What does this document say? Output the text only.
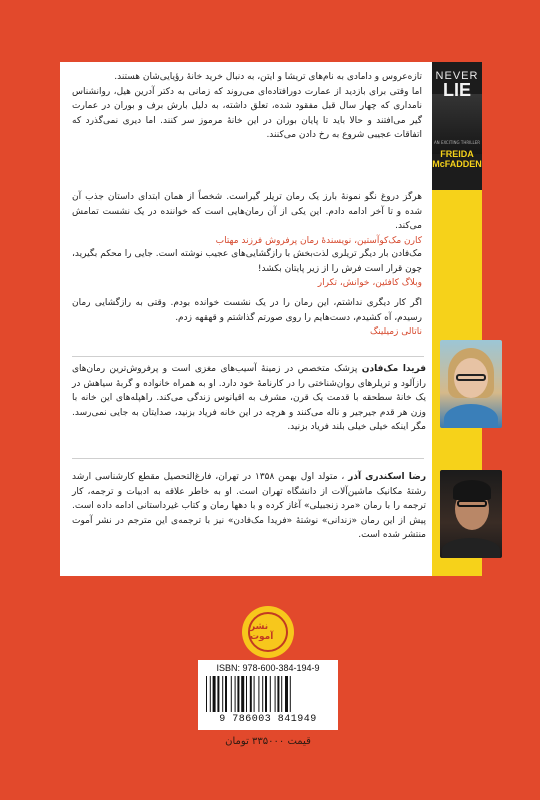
NEVER
LIE
AN EXCITING THRILLER
FREIDA
McFADDEN
تازه‌عروس و دامادی به نام‌های تریشا و ایتن، به دنبال خرید خانهٔ رؤیایی‌شان هستند.
اما وقتی برای بازدید از عمارت دورافتاده‌ای می‌روند که زمانی به دکتر آدرین هیل، روانشناس نامداری که چهار سال قبل مفقود شده، تعلق داشته، به دلیل بارش برف و بوران در عمارت گیر می‌افتند و حالا باید تا پایان بوران در این خانهٔ مرموز سر کنند. اما دیری نمی‌گذرد که اتفاقات عجیبی شروع به رخ دادن می‌کنند.
هرگز دروغ نگو نمونهٔ بارز یک رمان تریلر گیراست. شخصاً از همان ابتدای داستان جذب آن شده و تا آخر ادامه دادم. این یکی از آن رمان‌هایی است که خواننده در یک نشست تمامش می‌کند.
کارن مک‌کوآستین، نویسندهٔ رمان پرفروش فرزند مهتاب
مک‌فادن بار دیگر تریلری لذت‌بخش با رازگشایی‌های عجیب نوشته است. جایی را محکم بگیرید، چون قرار است فرش را از زیر پایتان بکشد!
وبلاگ کافئین، خوانش، تکرار
اگر کار دیگری نداشتم، این رمان را در یک نشست خوانده بودم. وقتی به رازگشایی رمان رسیدم، آه کشیدم، دست‌هایم را روی صورتم گذاشتم و قهقهه زدم.
ناتالی زمیلینگ
فریدا مک‌فادن پزشک متخصص در زمینهٔ آسیب‌های مغزی است و پرفروش‌ترین رمان‌های رازآلود و تریلرهای روان‌شناختی را در کارنامهٔ خود دارد. او به همراه خانواده و گربهٔ سیاهش در یک خانهٔ سطحقه با قدمت یک قرن، مشرف به اقیانوس زندگی می‌کند. راهپله‌های این خانه با وزن هر قدم جیرجیر و ناله می‌کنند و هرچه در این خانه فریاد بزنید، صدایتان به جایی نمی‌رسد. مگر اینکه خیلی خیلی بلند فریاد بزنید.
رضا اسکندری آذر ، متولد اول بهمن ۱۳۵۸ در تهران، فارغ‌التحصیل مقطع کارشناسی ارشد رشتهٔ مکانیک ماشین‌آلات از دانشگاه تهران است. او به خاطر علاقه به ادبیات و ترجمه، کار ترجمه را با رمان «مرد زنجبیلی» آغاز کرده و با دهها رمان و کتاب غیرداستانی ادامه داده است. پیش از این رمان «زندانی» نوشتهٔ «فریدا مک‌فادن» نیز با ترجمه‌ی این مترجم در نشر آموت منتشر شده است.
نشر آموت
ISBN: 978-600-384-194-9
9 786003 841949
قیمت ۳۳۵۰۰۰ تومان
